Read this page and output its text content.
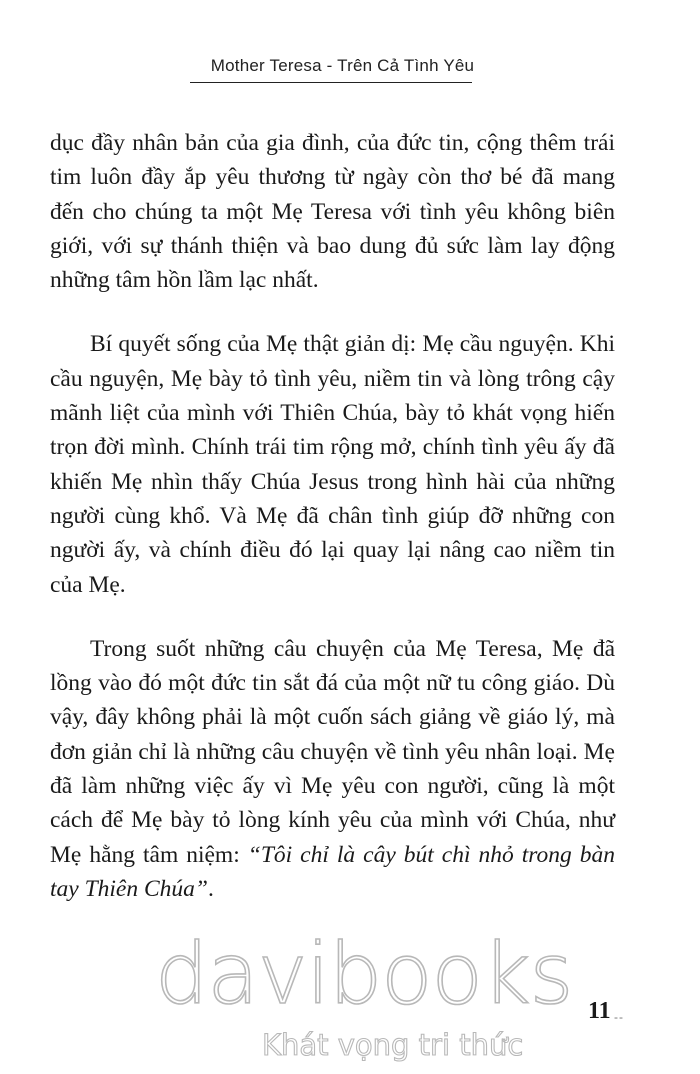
Mother Teresa - Trên Cả Tình Yêu

dục đầy nhân bản của gia đình, của đức tin, cộng thêm trái tim luôn đầy ắp yêu thương từ ngày còn thơ bé đã mang đến cho chúng ta một Mẹ Teresa với tình yêu không biên giới, với sự thánh thiện và bao dung đủ sức làm lay động những tâm hồn lầm lạc nhất.

Bí quyết sống của Mẹ thật giản dị: Mẹ cầu nguyện. Khi cầu nguyện, Mẹ bày tỏ tình yêu, niềm tin và lòng trông cậy mãnh liệt của mình với Thiên Chúa, bày tỏ khát vọng hiến trọn đời mình. Chính trái tim rộng mở, chính tình yêu ấy đã khiến Mẹ nhìn thấy Chúa Jesus trong hình hài của những người cùng khổ. Và Mẹ đã chân tình giúp đỡ những con người ấy, và chính điều đó lại quay lại nâng cao niềm tin của Mẹ.

Trong suốt những câu chuyện của Mẹ Teresa, Mẹ đã lồng vào đó một đức tin sắt đá của một nữ tu công giáo. Dù vậy, đây không phải là một cuốn sách giảng về giáo lý, mà đơn giản chỉ là những câu chuyện về tình yêu nhân loại. Mẹ đã làm những việc ấy vì Mẹ yêu con người, cũng là một cách để Mẹ bày tỏ lòng kính yêu của mình với Chúa, như Mẹ hằng tâm niệm: “Tôi chỉ là cây bút chì nhỏ trong bàn tay Thiên Chúa”.

davibooks
Khát vọng tri thức
11 --
